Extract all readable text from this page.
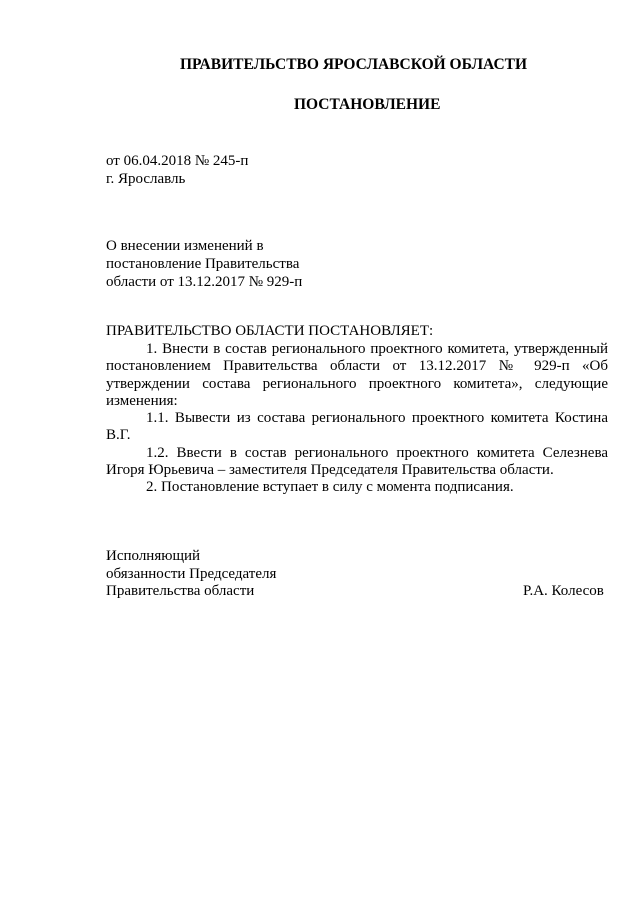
ПРАВИТЕЛЬСТВО ЯРОСЛАВСКОЙ ОБЛАСТИ
ПОСТАНОВЛЕНИЕ
от 06.04.2018 № 245-п
г. Ярославль
О внесении изменений в
постановление Правительства
области от 13.12.2017 № 929-п
ПРАВИТЕЛЬСТВО ОБЛАСТИ ПОСТАНОВЛЯЕТ:

1. Внести в состав регионального проектного комитета, утвержденный постановлением Правительства области от 13.12.2017 № 929-п «Об утверждении состава регионального проектного комитета», следующие изменения:

1.1. Вывести из состава регионального проектного комитета Костина В.Г.

1.2. Ввести в состав регионального проектного комитета Селезнева Игоря Юрьевича – заместителя Председателя Правительства области.

2. Постановление вступает в силу с момента подписания.

Исполняющий
обязанности Председателя
Правительства области	Р.А. Колесов
